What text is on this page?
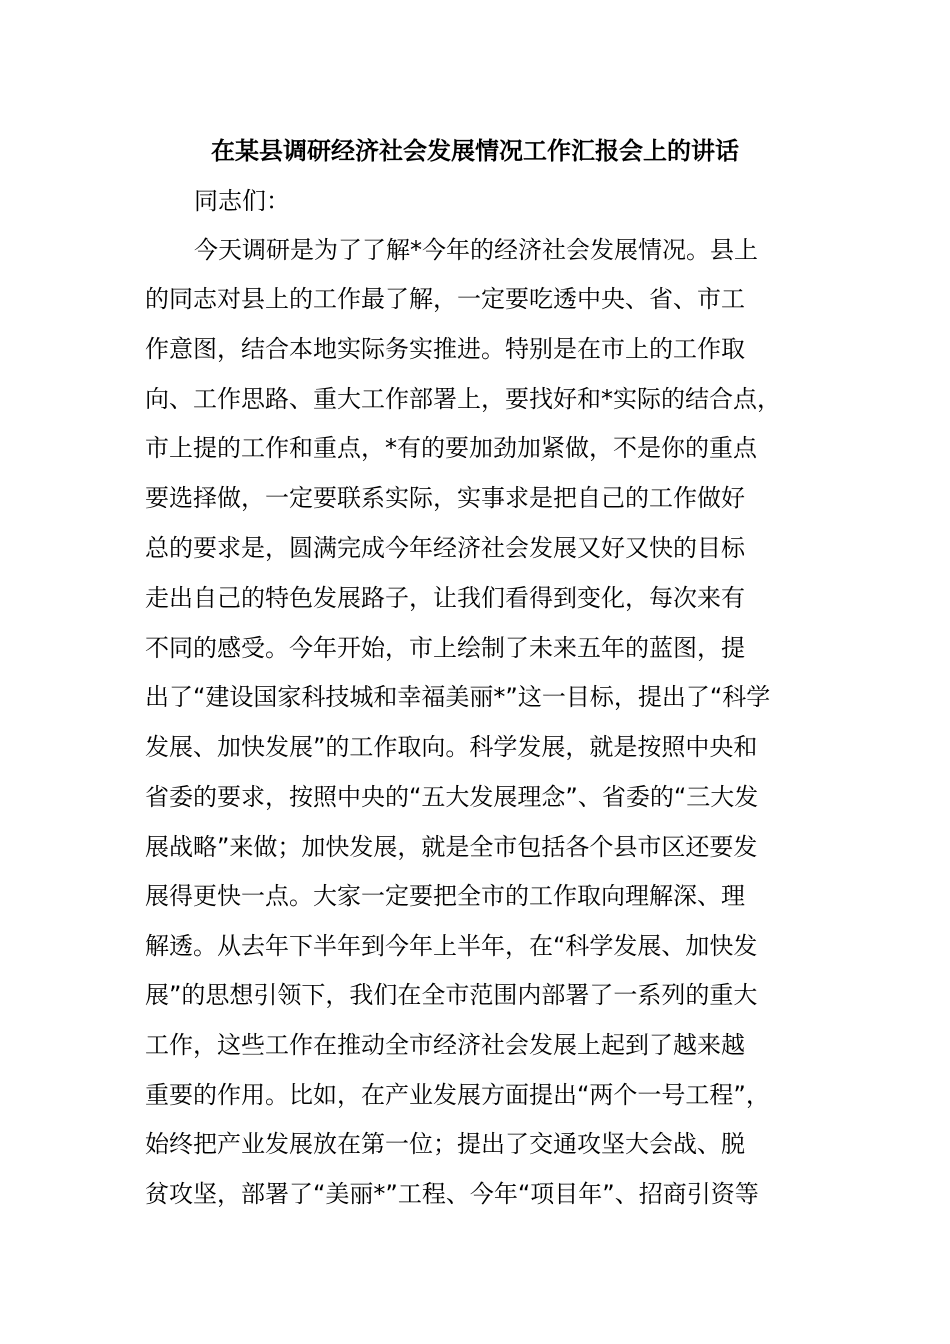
在某县调研经济社会发展情况工作汇报会上的讲话
同志们：
今天调研是为了了解*今年的经济社会发展情况。县上
的同志对县上的工作最了解，一定要吃透中央、省、市工
作意图，结合本地实际务实推进。特别是在市上的工作取
向、工作思路、重大工作部署上，要找好和*实际的结合点，
市上提的工作和重点，*有的要加劲加紧做，不是你的重点
要选择做，一定要联系实际，实事求是把自己的工作做好
总的要求是，圆满完成今年经济社会发展又好又快的目标
走出自己的特色发展路子，让我们看得到变化，每次来有
不同的感受。今年开始，市上绘制了未来五年的蓝图，提
出了“建设国家科技城和幸福美丽*”这一目标，提出了“科学
发展、加快发展”的工作取向。科学发展，就是按照中央和
省委的要求，按照中央的“五大发展理念”、省委的“三大发
展战略”来做；加快发展，就是全市包括各个县市区还要发
展得更快一点。大家一定要把全市的工作取向理解深、理
解透。从去年下半年到今年上半年，在“科学发展、加快发
展”的思想引领下，我们在全市范围内部署了一系列的重大
工作，这些工作在推动全市经济社会发展上起到了越来越
重要的作用。比如，在产业发展方面提出“两个一号工程”，
始终把产业发展放在第一位；提出了交通攻坚大会战、脱
贫攻坚，部署了“美丽*”工程、今年“项目年”、招商引资等
